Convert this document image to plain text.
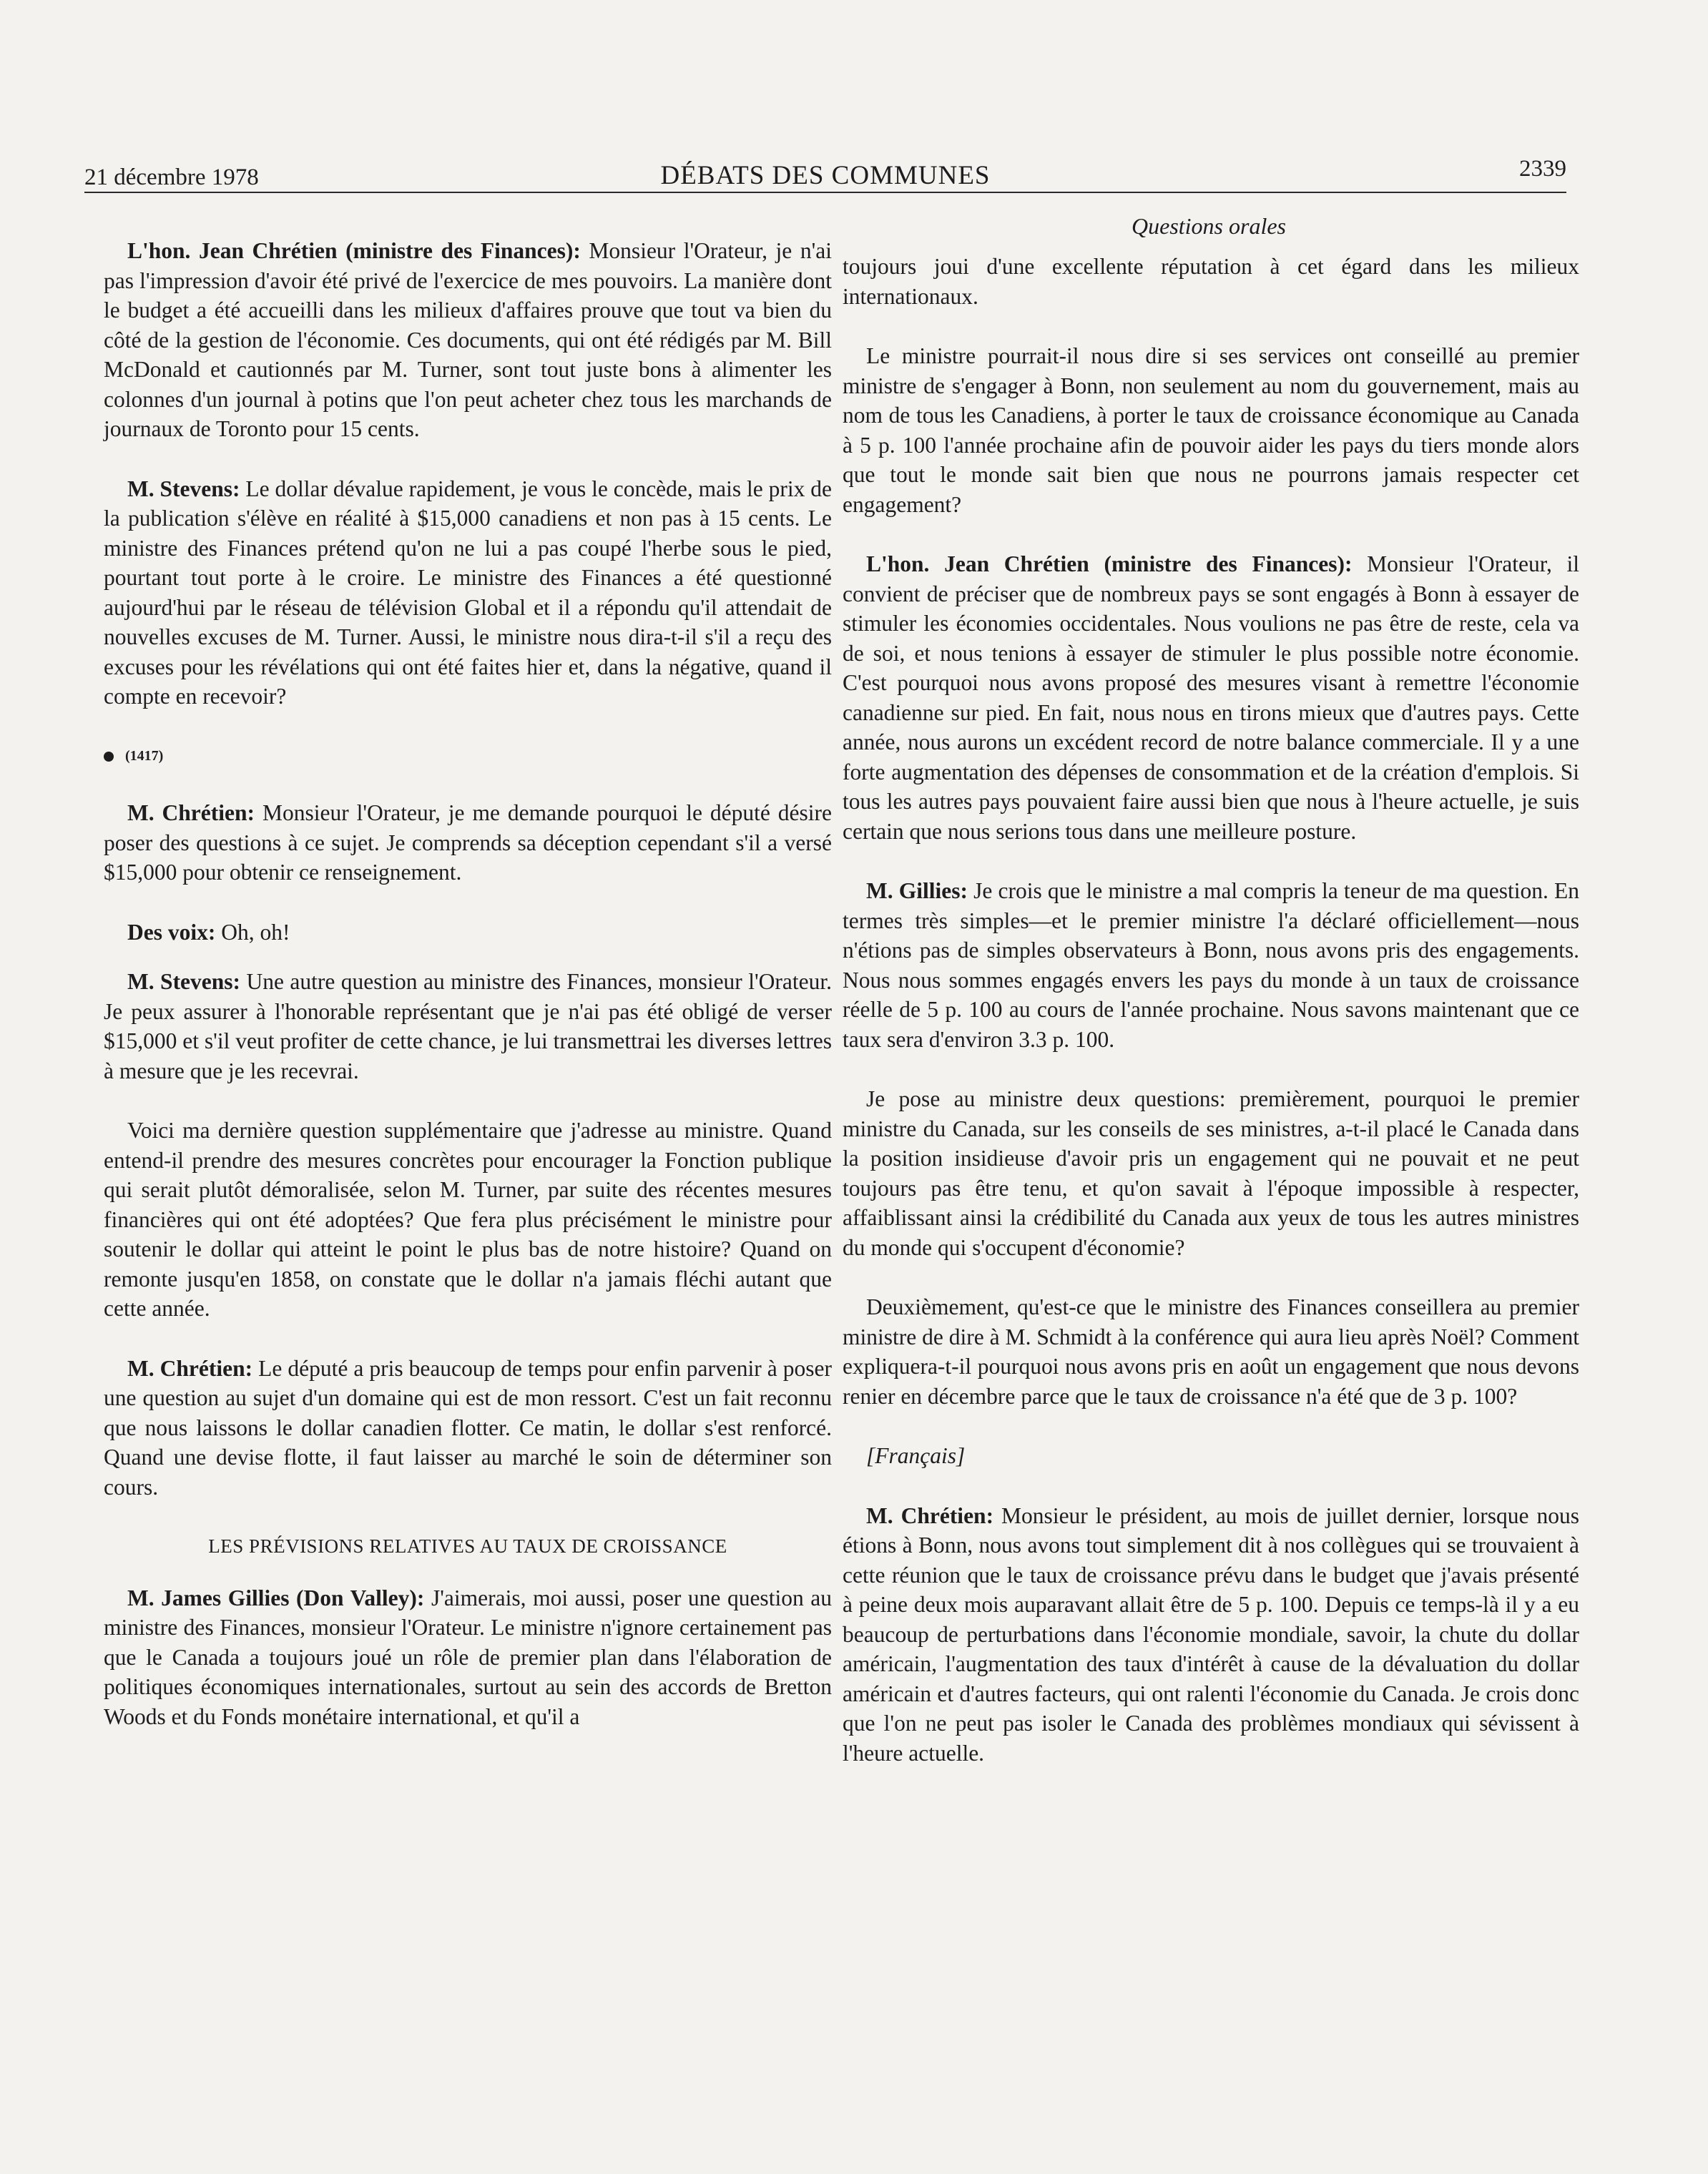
21 décembre 1978	DÉBATS DES COMMUNES	2339
Questions orales

L'hon. Jean Chrétien (ministre des Finances): Monsieur l'Orateur, je n'ai pas l'impression d'avoir été privé de l'exercice de mes pouvoirs. La manière dont le budget a été accueilli dans les milieux d'affaires prouve que tout va bien du côté de la gestion de l'économie. Ces documents, qui ont été rédigés par M. Bill McDonald et cautionnés par M. Turner, sont tout juste bons à alimenter les colonnes d'un journal à potins que l'on peut acheter chez tous les marchands de journaux de Toronto pour 15 cents.

M. Stevens: Le dollar dévalue rapidement, je vous le concède, mais le prix de la publication s'élève en réalité à $15,000 canadiens et non pas à 15 cents. Le ministre des Finances prétend qu'on ne lui a pas coupé l'herbe sous le pied, pourtant tout porte à le croire. Le ministre des Finances a été questionné aujourd'hui par le réseau de télévision Global et il a répondu qu'il attendait de nouvelles excuses de M. Turner. Aussi, le ministre nous dira-t-il s'il a reçu des excuses pour les révélations qui ont été faites hier et, dans la négative, quand il compte en recevoir?

(1417)

M. Chrétien: Monsieur l'Orateur, je me demande pourquoi le député désire poser des questions à ce sujet. Je comprends sa déception cependant s'il a versé $15,000 pour obtenir ce renseignement.

Des voix: Oh, oh!

M. Stevens: Une autre question au ministre des Finances, monsieur l'Orateur. Je peux assurer à l'honorable représentant que je n'ai pas été obligé de verser $15,000 et s'il veut profiter de cette chance, je lui transmettrai les diverses lettres à mesure que je les recevrai.

Voici ma dernière question supplémentaire que j'adresse au ministre. Quand entend-il prendre des mesures concrètes pour encourager la Fonction publique qui serait plutôt démoralisée, selon M. Turner, par suite des récentes mesures financières qui ont été adoptées? Que fera plus précisément le ministre pour soutenir le dollar qui atteint le point le plus bas de notre histoire? Quand on remonte jusqu'en 1858, on constate que le dollar n'a jamais fléchi autant que cette année.

M. Chrétien: Le député a pris beaucoup de temps pour enfin parvenir à poser une question au sujet d'un domaine qui est de mon ressort. C'est un fait reconnu que nous laissons le dollar canadien flotter. Ce matin, le dollar s'est renforcé. Quand une devise flotte, il faut laisser au marché le soin de déterminer son cours.

LES PRÉVISIONS RELATIVES AU TAUX DE CROISSANCE

M. James Gillies (Don Valley): J'aimerais, moi aussi, poser une question au ministre des Finances, monsieur l'Orateur. Le ministre n'ignore certainement pas que le Canada a toujours joué un rôle de premier plan dans l'élaboration de politiques économiques internationales, surtout au sein des accords de Bretton Woods et du Fonds monétaire international, et qu'il a

toujours joui d'une excellente réputation à cet égard dans les milieux internationaux.

Le ministre pourrait-il nous dire si ses services ont conseillé au premier ministre de s'engager à Bonn, non seulement au nom du gouvernement, mais au nom de tous les Canadiens, à porter le taux de croissance économique au Canada à 5 p. 100 l'année prochaine afin de pouvoir aider les pays du tiers monde alors que tout le monde sait bien que nous ne pourrons jamais respecter cet engagement?

L'hon. Jean Chrétien (ministre des Finances): Monsieur l'Orateur, il convient de préciser que de nombreux pays se sont engagés à Bonn à essayer de stimuler les économies occidentales. Nous voulions ne pas être de reste, cela va de soi, et nous tenions à essayer de stimuler le plus possible notre économie. C'est pourquoi nous avons proposé des mesures visant à remettre l'économie canadienne sur pied. En fait, nous nous en tirons mieux que d'autres pays. Cette année, nous aurons un excédent record de notre balance commerciale. Il y a une forte augmentation des dépenses de consommation et de la création d'emplois. Si tous les autres pays pouvaient faire aussi bien que nous à l'heure actuelle, je suis certain que nous serions tous dans une meilleure posture.

M. Gillies: Je crois que le ministre a mal compris la teneur de ma question. En termes très simples—et le premier ministre l'a déclaré officiellement—nous n'étions pas de simples observateurs à Bonn, nous avons pris des engagements. Nous nous sommes engagés envers les pays du monde à un taux de croissance réelle de 5 p. 100 au cours de l'année prochaine. Nous savons maintenant que ce taux sera d'environ 3.3 p. 100.

Je pose au ministre deux questions: premièrement, pourquoi le premier ministre du Canada, sur les conseils de ses ministres, a-t-il placé le Canada dans la position insidieuse d'avoir pris un engagement qui ne pouvait et ne peut toujours pas être tenu, et qu'on savait à l'époque impossible à respecter, affaiblissant ainsi la crédibilité du Canada aux yeux de tous les autres ministres du monde qui s'occupent d'économie?

Deuxièmement, qu'est-ce que le ministre des Finances conseillera au premier ministre de dire à M. Schmidt à la conférence qui aura lieu après Noël? Comment expliquera-t-il pourquoi nous avons pris en août un engagement que nous devons renier en décembre parce que le taux de croissance n'a été que de 3 p. 100?

[Français]

M. Chrétien: Monsieur le président, au mois de juillet dernier, lorsque nous étions à Bonn, nous avons tout simplement dit à nos collègues qui se trouvaient à cette réunion que le taux de croissance prévu dans le budget que j'avais présenté à peine deux mois auparavant allait être de 5 p. 100. Depuis ce temps-là il y a eu beaucoup de perturbations dans l'économie mondiale, savoir, la chute du dollar américain, l'augmentation des taux d'intérêt à cause de la dévaluation du dollar américain et d'autres facteurs, qui ont ralenti l'économie du Canada. Je crois donc que l'on ne peut pas isoler le Canada des problèmes mondiaux qui sévissent à l'heure actuelle.
